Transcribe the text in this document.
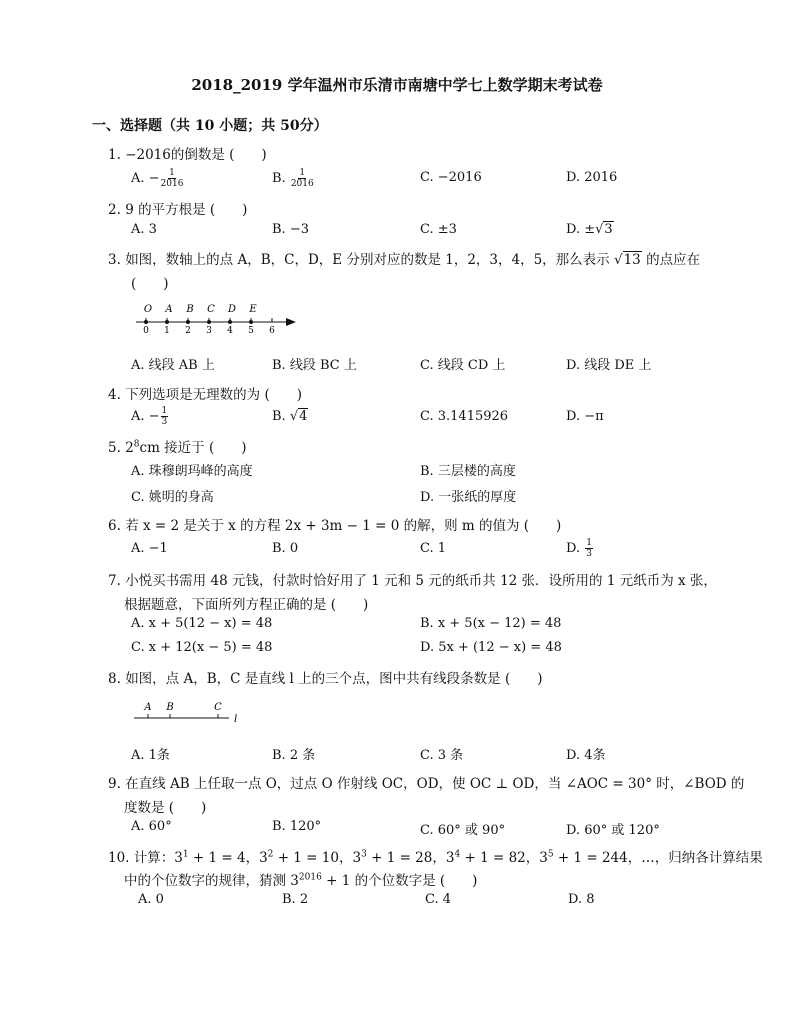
2018_2019 学年温州市乐清市南塘中学七上数学期末考试卷
一、选择题（共 10 小题；共 50分）
1. −2016的倒数是 (　　)
A. − $\frac{1}{2016}$	B. $\frac{1}{2016}$	C. −2016	D. 2016
2. 9 的平方根是 (　　)
A. 3	B. −3	C. ±3	D. ±√3
3. 如图，数轴上的点 A，B，C，D，E 分别对应的数是 1，2，3，4，5，那么表示 √13 的点应在
(　　)
0 1 2 3 4 5 6
O A B C D E
A. 线段 AB 上	B. 线段 BC 上	C. 线段 CD 上	D. 线段 DE 上
4. 下列选项是无理数的为 (　　)
A. − $\frac{1}{3}$	B. √4	C. 3.1415926	D. −π
5. $2^8cm$ 接近于 (　　)
A. 珠穆朗玛峰的高度	B. 三层楼的高度
C. 姚明的身高	D. 一张纸的厚度
6. 若 x = 2 是关于 x 的方程 2x + 3m − 1 = 0 的解，则 m 的值为 (　　)
A. −1	B. 0	C. 1	D. $\frac{1}{3}$
7. 小悦买书需用 48 元钱，付款时恰好用了 1 元和 5 元的纸币共 12 张．设所用的 1 元纸币为 x 张，
根据题意，下面所列方程正确的是 (　　)
A. x + 5(12 − x) = 48	B. x + 5(x − 12) = 48
C. x + 12(x − 5) = 48	D. 5x + (12 − x) = 48
8. 如图，点 A，B，C 是直线 l 上的三个点，图中共有线段条数是 (　　)
A B	C
l
A. 1条	B. 2 条	C. 3 条	D. 4条
9. 在直线 AB 上任取一点 O，过点 O 作射线 OC，OD，使 OC ⊥ OD，当 ∠AOC = 30° 时，∠BOD 的
度数是 (　　)
A. 60°	B. 120°	C. 60° 或 90°	D. 60° 或 120°
10. 计算：$3^1 + 1 = 4$，$3^2 + 1 = 10$，$3^3 + 1 = 28$，$3^4 + 1 = 82$，$3^5 + 1 = 244$，…，归纳各计算结果
中的个位数字的规律，猜测 $3^{2016} + 1$ 的个位数字是 (　　)
A. 0	B. 2	C. 4	D. 8
